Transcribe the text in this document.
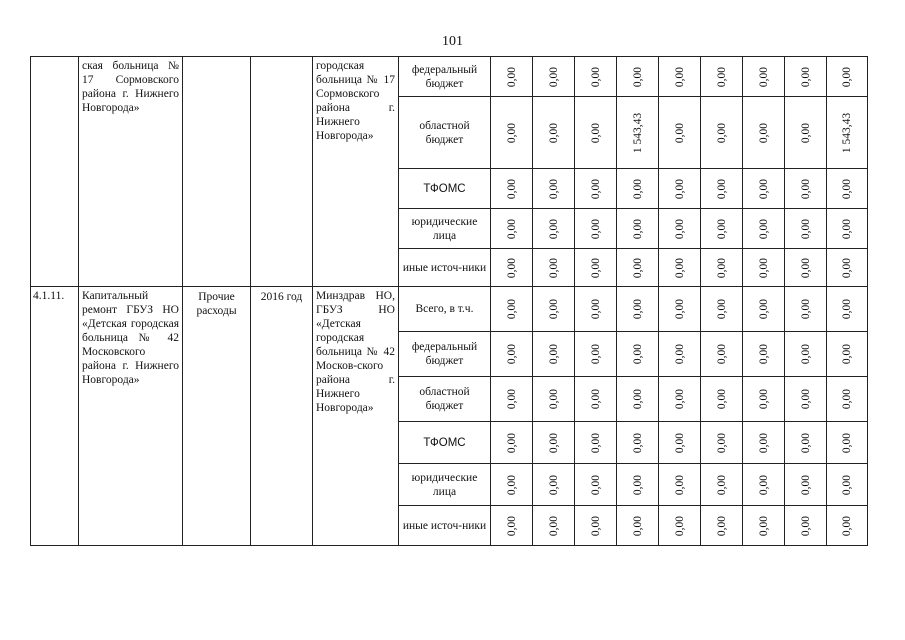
101
	ская больница № 17 Сормовского района г. Нижнего Новгорода»			городская больница № 17 Сормовского района г. Нижнего Новгорода»	федеральный бюджет	0,00	0,00	0,00	0,00	0,00	0,00	0,00	0,00	0,00

					областной бюджет	0,00	0,00	0,00	1 543,43	0,00	0,00	0,00	0,00	1 543,43

					ТФОМС	0,00	0,00	0,00	0,00	0,00	0,00	0,00	0,00	0,00

					юридические лица	0,00	0,00	0,00	0,00	0,00	0,00	0,00	0,00	0,00

					иные источ-ники	0,00	0,00	0,00	0,00	0,00	0,00	0,00	0,00	0,00

4.1.11.	Капитальный ремонт ГБУЗ НО «Детская городская больница № 42 Московского района г. Нижнего Новгорода»	Прочие расходы	2016 год	Минздрав НО, ГБУЗ НО «Детская городская больница № 42 Москов-ского района г. Нижнего Новгорода»	Всего, в т.ч.	0,00	0,00	0,00	0,00	0,00	0,00	0,00	0,00	0,00

					федеральный бюджет	0,00	0,00	0,00	0,00	0,00	0,00	0,00	0,00	0,00

					областной бюджет	0,00	0,00	0,00	0,00	0,00	0,00	0,00	0,00	0,00

					ТФОМС	0,00	0,00	0,00	0,00	0,00	0,00	0,00	0,00	0,00

					юридические лица	0,00	0,00	0,00	0,00	0,00	0,00	0,00	0,00	0,00

					иные источ-ники	0,00	0,00	0,00	0,00	0,00	0,00	0,00	0,00	0,00
